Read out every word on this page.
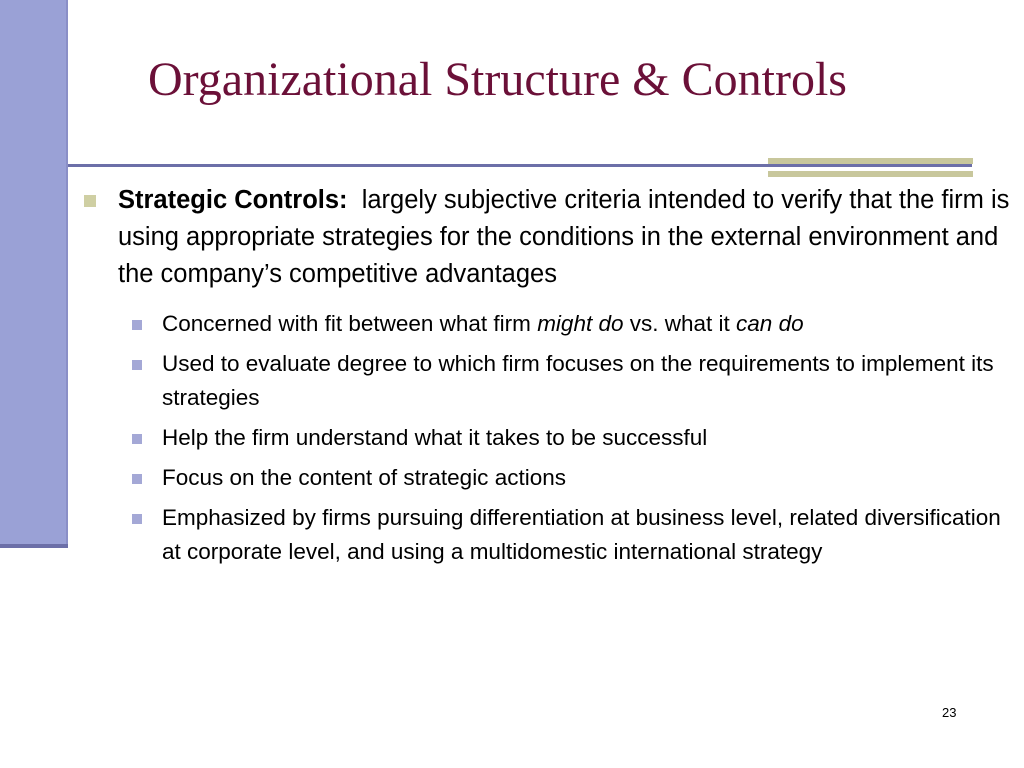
Organizational Structure & Controls
Strategic Controls: largely subjective criteria intended to verify that the firm is using appropriate strategies for the conditions in the external environment and the company’s competitive advantages
Concerned with fit between what firm might do vs. what it can do
Used to evaluate degree to which firm focuses on the requirements to implement its strategies
Help the firm understand what it takes to be successful
Focus on the content of strategic actions
Emphasized by firms pursuing differentiation at business level, related diversification at corporate level, and using a multidomestic international strategy
23
